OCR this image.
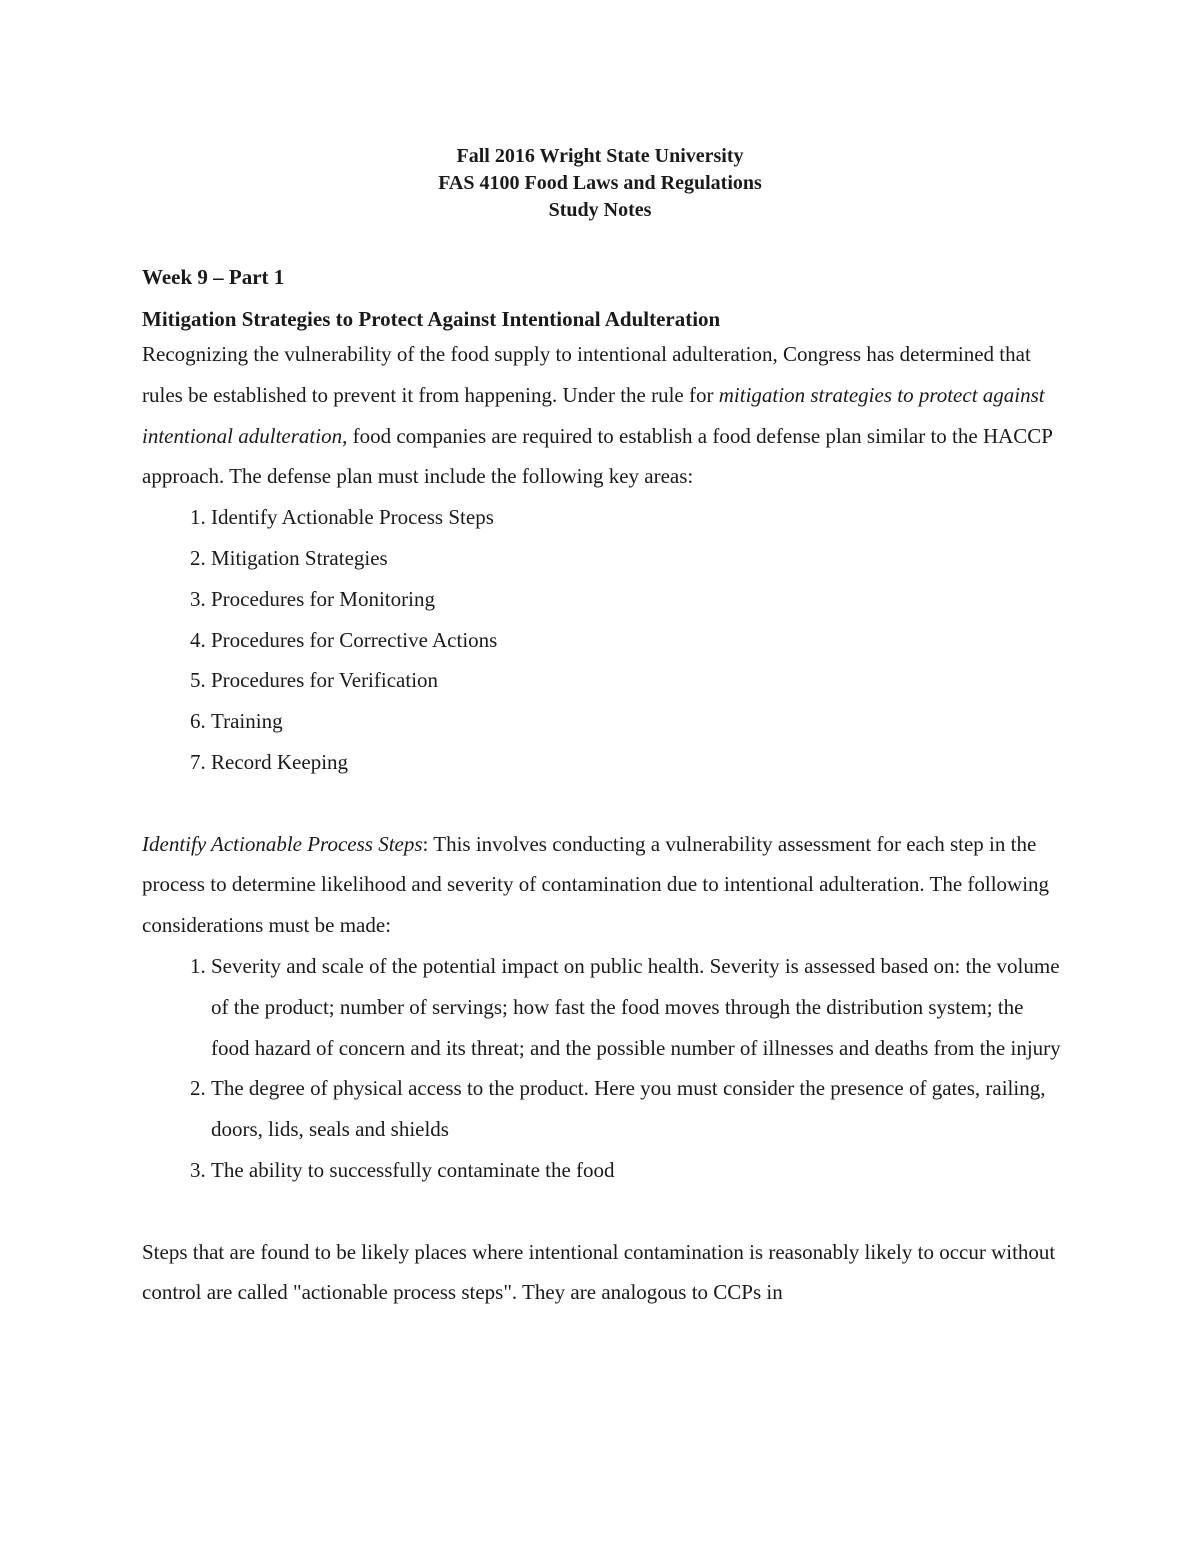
Fall 2016 Wright State University
FAS 4100 Food Laws and Regulations
Study Notes
Week 9 – Part 1
Mitigation Strategies to Protect Against Intentional Adulteration

Recognizing the vulnerability of the food supply to intentional adulteration, Congress has determined that rules be established to prevent it from happening. Under the rule for mitigation strategies to protect against intentional adulteration, food companies are required to establish a food defense plan similar to the HACCP approach. The defense plan must include the following key areas:

1. Identify Actionable Process Steps
2. Mitigation Strategies
3. Procedures for Monitoring
4. Procedures for Corrective Actions
5. Procedures for Verification
6. Training
7. Record Keeping

Identify Actionable Process Steps: This involves conducting a vulnerability assessment for each step in the process to determine likelihood and severity of contamination due to intentional adulteration. The following considerations must be made:

1. Severity and scale of the potential impact on public health. Severity is assessed based on: the volume of the product; number of servings; how fast the food moves through the distribution system; the food hazard of concern and its threat; and the possible number of illnesses and deaths from the injury
2. The degree of physical access to the product. Here you must consider the presence of gates, railing, doors, lids, seals and shields
3. The ability to successfully contaminate the food

Steps that are found to be likely places where intentional contamination is reasonably likely to occur without control are called "actionable process steps". They are analogous to CCPs in
